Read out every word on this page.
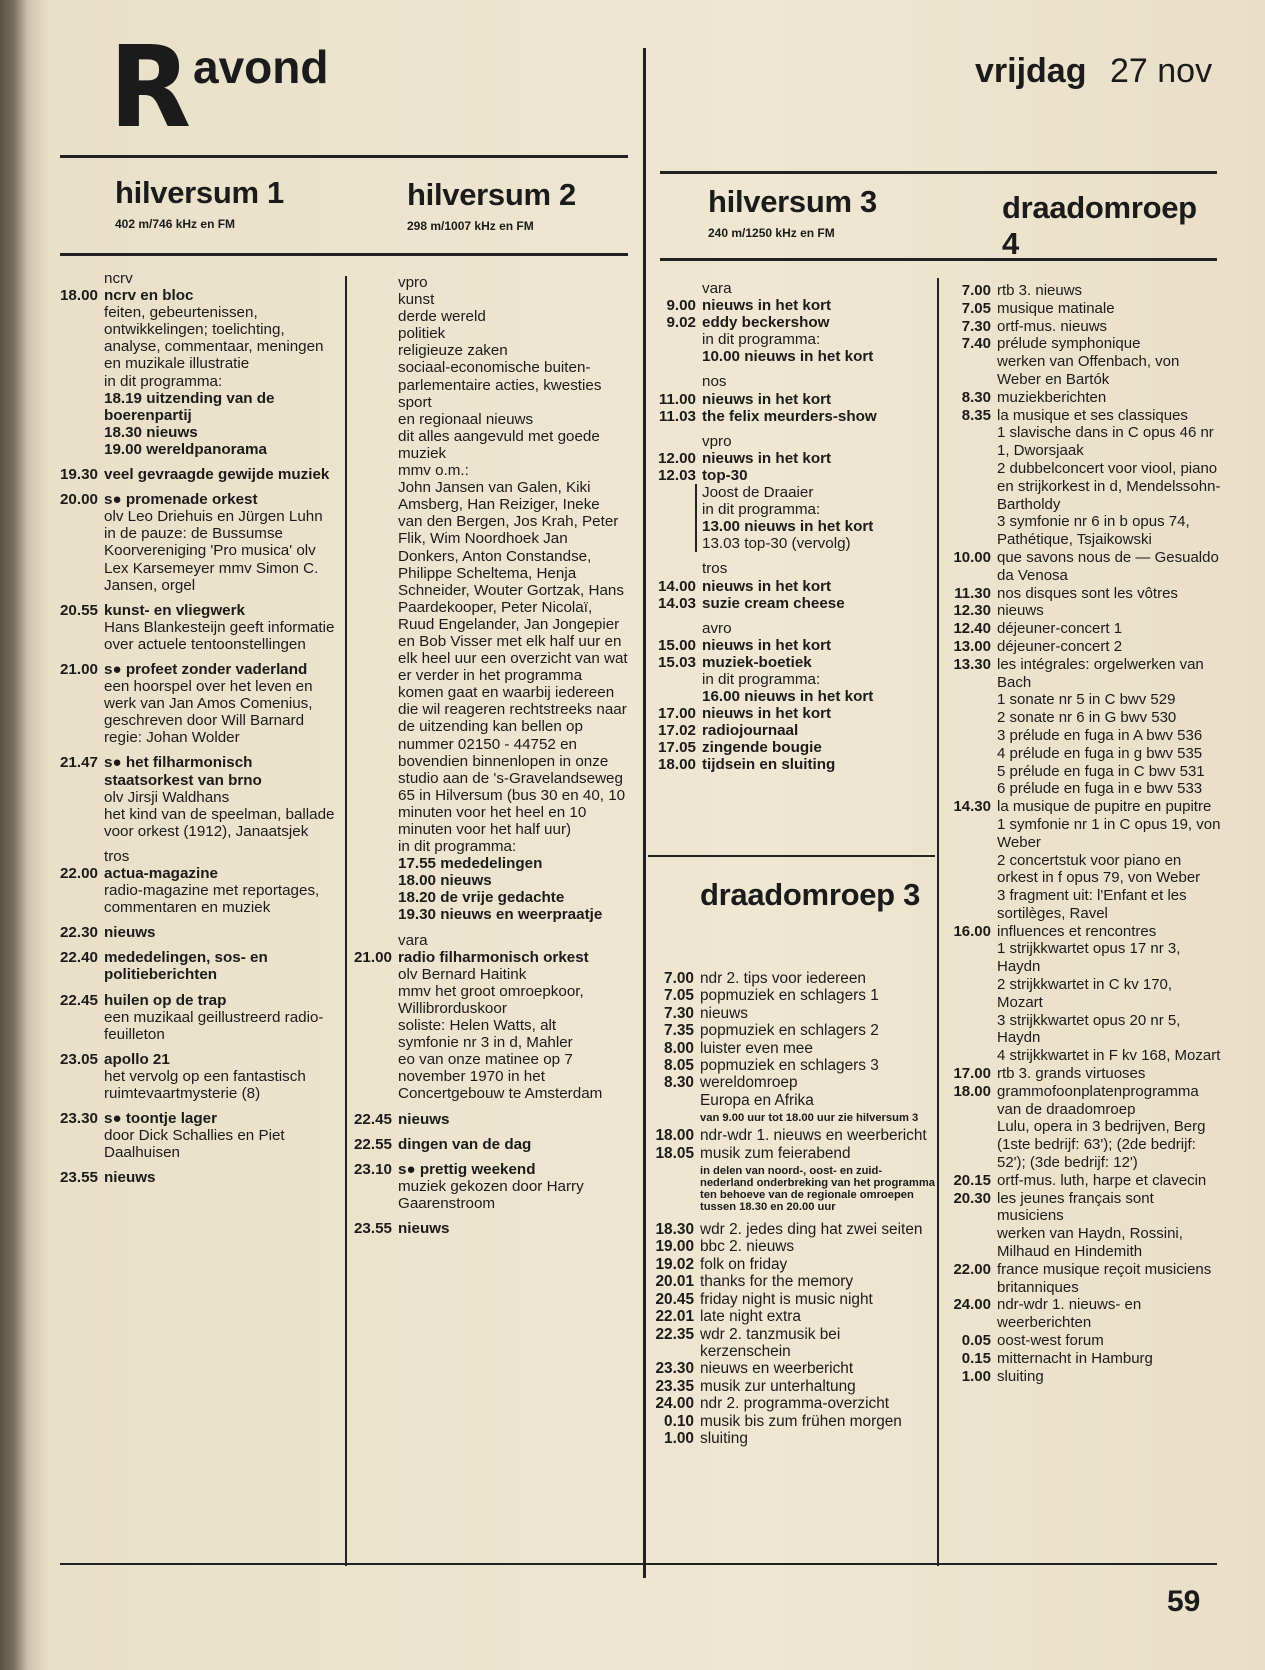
R avond	vrijdag 27 nov
hilversum 1
402 m/746 kHz en FM
hilversum 2
298 m/1007 kHz en FM
hilversum 3
240 m/1250 kHz en FM
draadomroep 4
draadomroep 3
ncrv
18.00 ncrv en bloc
feiten, gebeurtenissen, ontwikkelingen; toelichting, analyse, commentaar, meningen en muzikale illustratie
in dit programma:
18.19 uitzending van de boerenpartij
18.30 nieuws
19.00 wereldpanorama
19.30 veel gevraagde gewijde muziek
20.00 s● promenade orkest
olv Leo Driehuis en Jürgen Luhn
in de pauze: de Bussumse Koorvereniging 'Pro musica' olv Lex Karsemeyer mmv Simon C. Jansen, orgel
20.55 kunst- en vliegwerk
Hans Blankesteijn geeft informatie over actuele tentoonstellingen
21.00 s● profeet zonder vaderland
een hoorspel over het leven en werk van Jan Amos Comenius, geschreven door Will Barnard
regie: Johan Wolder
21.47 s● het filharmonisch staatsorkest van brno
olv Jirsji Waldhans
het kind van de speelman, ballade voor orkest (1912), Janaatsjek
tros
22.00 actua-magazine
radio-magazine met reportages, commentaren en muziek
22.30 nieuws
22.40 mededelingen, sos- en politieberichten
22.45 huilen op de trap
een muzikaal geillustreerd radio-feuilleton
23.05 apollo 21
het vervolg op een fantastisch ruimtevaartmysterie (8)
23.30 s● toontje lager
door Dick Schallies en Piet Daalhuisen
23.55 nieuws
vpro
kunst
derde wereld
politiek
religieuze zaken
sociaal-economische buiten-parlementaire acties, kwesties
sport
en regionaal nieuws
dit alles aangevuld met goede muziek
mmv o.m.:
John Jansen van Galen, Kiki Amsberg, Han Reiziger, Ineke van den Bergen, Jos Krah, Peter Flik, Wim Noordhoek Jan Donkers, Anton Constandse, Philippe Scheltema, Henja Schneider, Wouter Gortzak, Hans Paardekooper, Peter Nicolaï, Ruud Engelander, Jan Jongepier en Bob Visser met elk half uur en elk heel uur een overzicht van wat er verder in het programma komen gaat en waarbij iedereen die wil reageren rechtstreeks naar de uitzending kan bellen op nummer 02150 - 44752 en bovendien binnenlopen in onze studio aan de 's-Gravelandseweg 65 in Hilversum (bus 30 en 40, 10 minuten voor het heel en 10 minuten voor het half uur)
in dit programma:
17.55 mededelingen
18.00 nieuws
18.20 de vrije gedachte
19.30 nieuws en weerpraatje
vara
21.00 radio filharmonisch orkest
olv Bernard Haitink
mmv het groot omroepkoor, Willibrorduskoor
soliste: Helen Watts, alt
symfonie nr 3 in d, Mahler
eo van onze matinee op 7 november 1970 in het Concertgebouw te Amsterdam
22.45 nieuws
22.55 dingen van de dag
23.10 s● prettig weekend
muziek gekozen door Harry Gaarenstroom
23.55 nieuws
vara
9.00 nieuws in het kort
9.02 eddy beckershow
in dit programma:
10.00 nieuws in het kort
nos
11.00 nieuws in het kort
11.03 the felix meurders-show
vpro
12.00 nieuws in het kort
12.03 top-30
Joost de Draaier
in dit programma:
13.00 nieuws in het kort
13.03 top-30 (vervolg)
tros
14.00 nieuws in het kort
14.03 suzie cream cheese
avro
15.00 nieuws in het kort
15.03 muziek-boetiek
in dit programma:
16.00 nieuws in het kort
17.00 nieuws in het kort
17.02 radiojournaal
17.05 zingende bougie
18.00 tijdsein en sluiting
7.00 ndr 2. tips voor iedereen
7.05 popmuziek en schlagers 1
7.30 nieuws
7.35 popmuziek en schlagers 2
8.00 luister even mee
8.05 popmuziek en schlagers 3
8.30 wereldomroep
Europa en Afrika
van 9.00 uur tot 18.00 uur zie hilversum 3
18.00 ndr-wdr 1. nieuws en weerbericht
18.05 musik zum feierabend
in delen van noord-, oost- en zuid-nederland onderbreking van het programma ten behoeve van de regionale omroepen tussen 18.30 en 20.00 uur
18.30 wdr 2. jedes ding hat zwei seiten
19.00 bbc 2. nieuws
19.02 folk on friday
20.01 thanks for the memory
20.45 friday night is music night
22.01 late night extra
22.35 wdr 2. tanzmusik bei kerzenschein
23.30 nieuws en weerbericht
23.35 musik zur unterhaltung
24.00 ndr 2. programma-overzicht
0.10 musik bis zum frühen morgen
1.00 sluiting
7.00 rtb 3. nieuws
7.05 musique matinale
7.30 ortf-mus. nieuws
7.40 prélude symphonique
werken van Offenbach, von Weber en Bartók
8.30 muziekberichten
8.35 la musique et ses classiques
1 slavische dans in C opus 46 nr 1, Dworsjaak
2 dubbelconcert voor viool, piano en strijkorkest in d, Mendelssohn-Bartholdy
3 symfonie nr 6 in b opus 74, Pathétique, Tsjaikowski
10.00 que savons nous de — Gesualdo da Venosa
11.30 nos disques sont les vôtres
12.30 nieuws
12.40 déjeuner-concert 1
13.00 déjeuner-concert 2
13.30 les intégrales: orgelwerken van Bach
1 sonate nr 5 in C bwv 529
2 sonate nr 6 in G bwv 530
3 prélude en fuga in A bwv 536
4 prélude en fuga in g bwv 535
5 prélude en fuga in C bwv 531
6 prélude en fuga in e bwv 533
14.30 la musique de pupitre en pupitre
1 symfonie nr 1 in C opus 19, von Weber
2 concertstuk voor piano en orkest in f opus 79, von Weber
3 fragment uit: l'Enfant et les sortilèges, Ravel
16.00 influences et rencontres
1 strijkkwartet opus 17 nr 3, Haydn
2 strijkkwartet in C kv 170, Mozart
3 strijkkwartet opus 20 nr 5, Haydn
4 strijkkwartet in F kv 168, Mozart
17.00 rtb 3. grands virtuoses
18.00 grammofoonplatenprogramma van de draadomroep
Lulu, opera in 3 bedrijven, Berg (1ste bedrijf: 63'); (2de bedrijf: 52'); (3de bedrijf: 12')
20.15 ortf-mus. luth, harpe et clavecin
20.30 les jeunes français sont musiciens
werken van Haydn, Rossini, Milhaud en Hindemith
22.00 france musique reçoit musiciens britanniques
24.00 ndr-wdr 1. nieuws- en weerberichten
0.05 oost-west forum
0.15 mitternacht in Hamburg
1.00 sluiting
59
